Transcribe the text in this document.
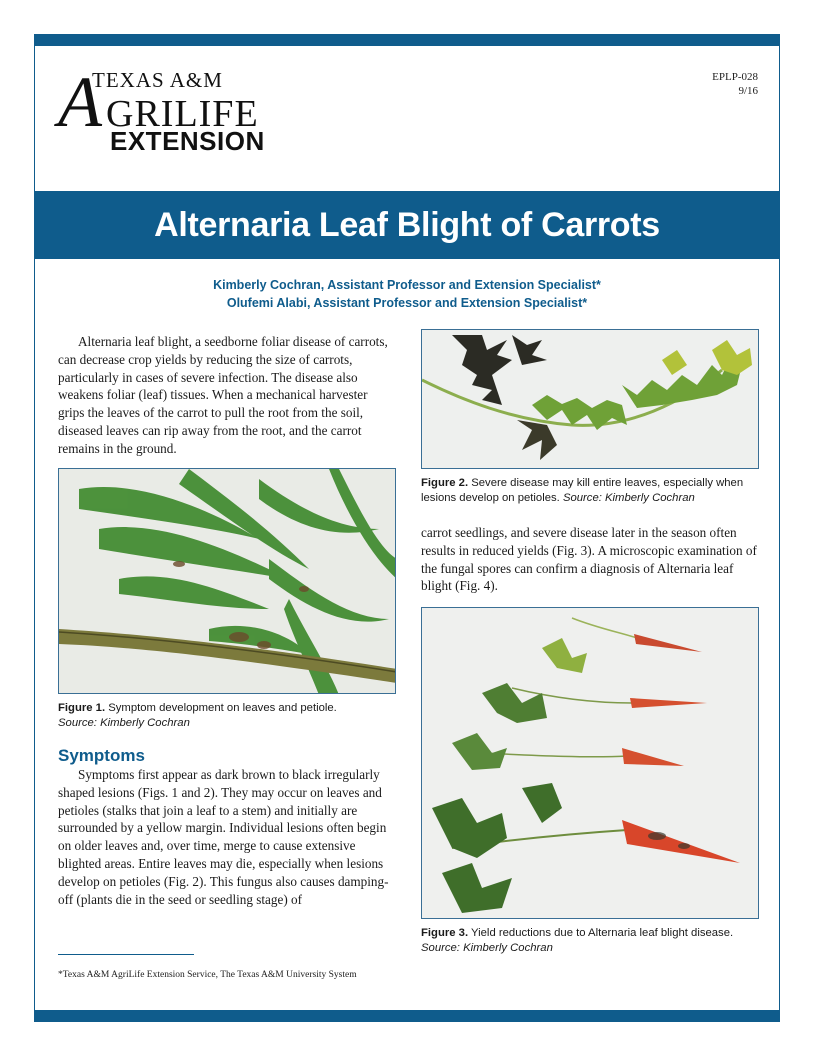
A
TEXAS A&M
GRILIFE
EXTENSION
EPLP-028
9/16
Alternaria Leaf Blight of Carrots
Kimberly Cochran, Assistant Professor and Extension Specialist*
Olufemi Alabi, Assistant Professor and Extension Specialist*

Alternaria leaf blight, a seedborne foliar disease of carrots, can decrease crop yields by reducing the size of carrots, particularly in cases of severe infection. The disease also weakens foliar (leaf) tissues. When a mechanical harvester grips the leaves of the carrot to pull the root from the soil, diseased leaves can rip away from the root, and the carrot remains in the ground.

Figure 1. Symptom development on leaves and petiole.
Source: Kimberly Cochran
Symptoms

Symptoms first appear as dark brown to black irregularly shaped lesions (Figs. 1 and 2). They may occur on leaves and petioles (stalks that join a leaf to a stem) and initially are surrounded by a yellow margin. Individual lesions often begin on older leaves and, over time, merge to cause extensive blighted areas. Entire leaves may die, especially when lesions develop on petioles (Fig. 2). This fungus also causes damping-off (plants die in the seed or seedling stage) of

Figure 2. Severe disease may kill entire leaves, especially when lesions develop on petioles. Source: Kimberly Cochran

carrot seedlings, and severe disease later in the season often results in reduced yields (Fig. 3). A microscopic examination of the fungal spores can confirm a diagnosis of Alternaria leaf blight (Fig. 4).

Figure 3. Yield reductions due to Alternaria leaf blight disease. Source: Kimberly Cochran
*Texas A&M AgriLife Extension Service, The Texas A&M University System
